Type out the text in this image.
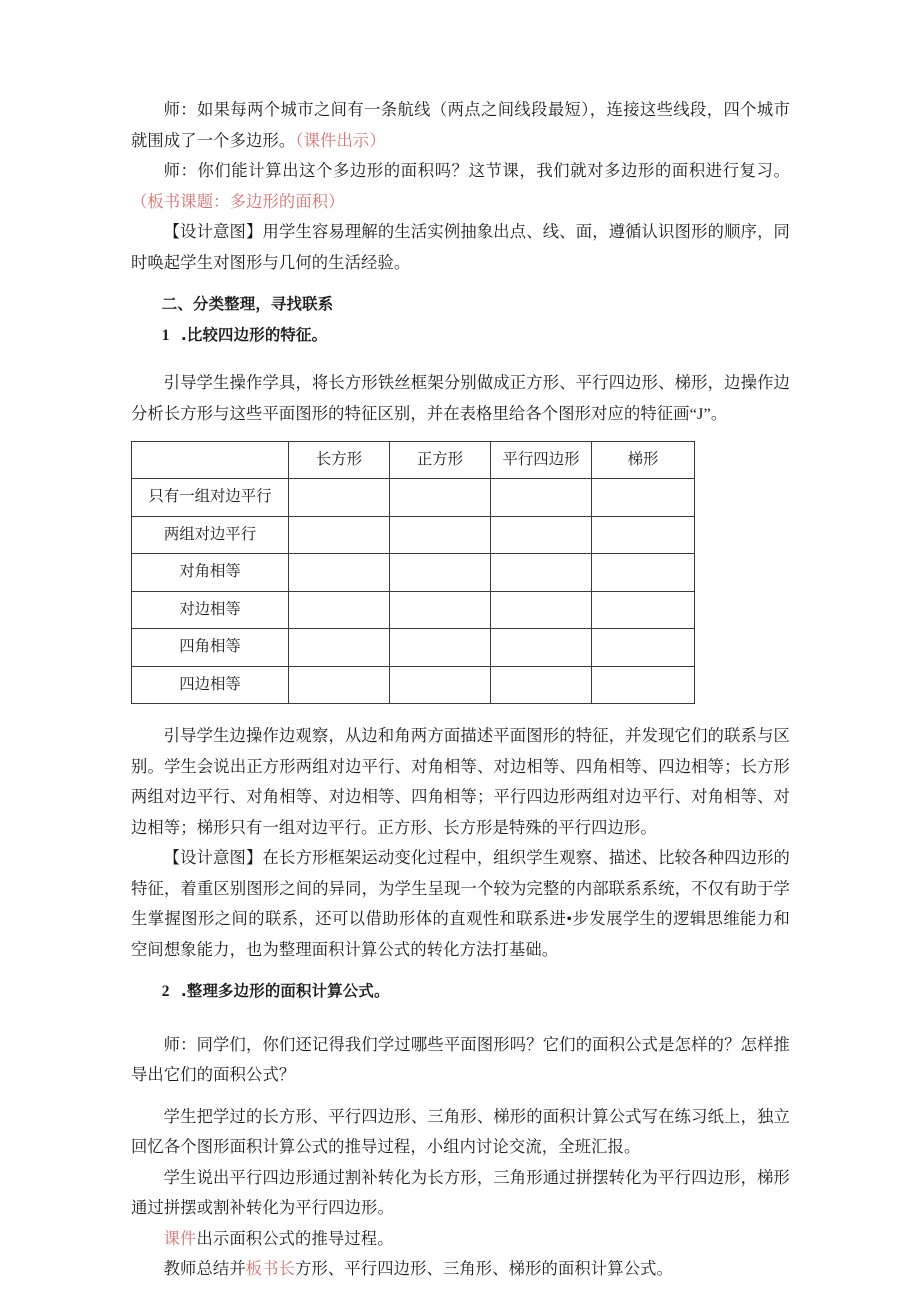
师：如果每两个城市之间有一条航线（两点之间线段最短），连接这些线段，四个城市就围成了一个多边形。（课件出示）

师：你们能计算出这个多边形的面积吗？这节课，我们就对多边形的面积进行复习。（板书课题：多边形的面积）

【设计意图】用学生容易理解的生活实例抽象出点、线、面，遵循认识图形的顺序，同时唤起学生对图形与几何的生活经验。

二、分类整理，寻找联系

1 .比较四边形的特征。

引导学生操作学具，将长方形铁丝框架分别做成正方形、平行四边形、梯形，边操作边分析长方形与这些平面图形的特征区别，并在表格里给各个图形对应的特征画“J”。

	长方形	正方形	平行四边形	梯形
只有一组对边平行				
两组对边平行				
对角相等				
对边相等				
四角相等				
四边相等				

引导学生边操作边观察，从边和角两方面描述平面图形的特征，并发现它们的联系与区别。学生会说出正方形两组对边平行、对角相等、对边相等、四角相等、四边相等；长方形两组对边平行、对角相等、对边相等、四角相等；平行四边形两组对边平行、对角相等、对边相等；梯形只有一组对边平行。正方形、长方形是特殊的平行四边形。

【设计意图】在长方形框架运动变化过程中，组织学生观察、描述、比较各种四边形的特征，着重区别图形之间的异同，为学生呈现一个较为完整的内部联系系统，不仅有助于学生掌握图形之间的联系，还可以借助形体的直观性和联系进•步发展学生的逻辑思维能力和空间想象能力，也为整理面积计算公式的转化方法打基础。

2 .整理多边形的面积计算公式。

师：同学们，你们还记得我们学过哪些平面图形吗？它们的面积公式是怎样的？怎样推导出它们的面积公式？

学生把学过的长方形、平行四边形、三角形、梯形的面积计算公式写在练习纸上，独立回忆各个图形面积计算公式的推导过程，小组内讨论交流，全班汇报。

学生说出平行四边形通过割补转化为长方形，三角形通过拼摆转化为平行四边形，梯形通过拼摆或割补转化为平行四边形。

课件出示面积公式的推导过程。

教师总结并板书长方形、平行四边形、三角形、梯形的面积计算公式。
